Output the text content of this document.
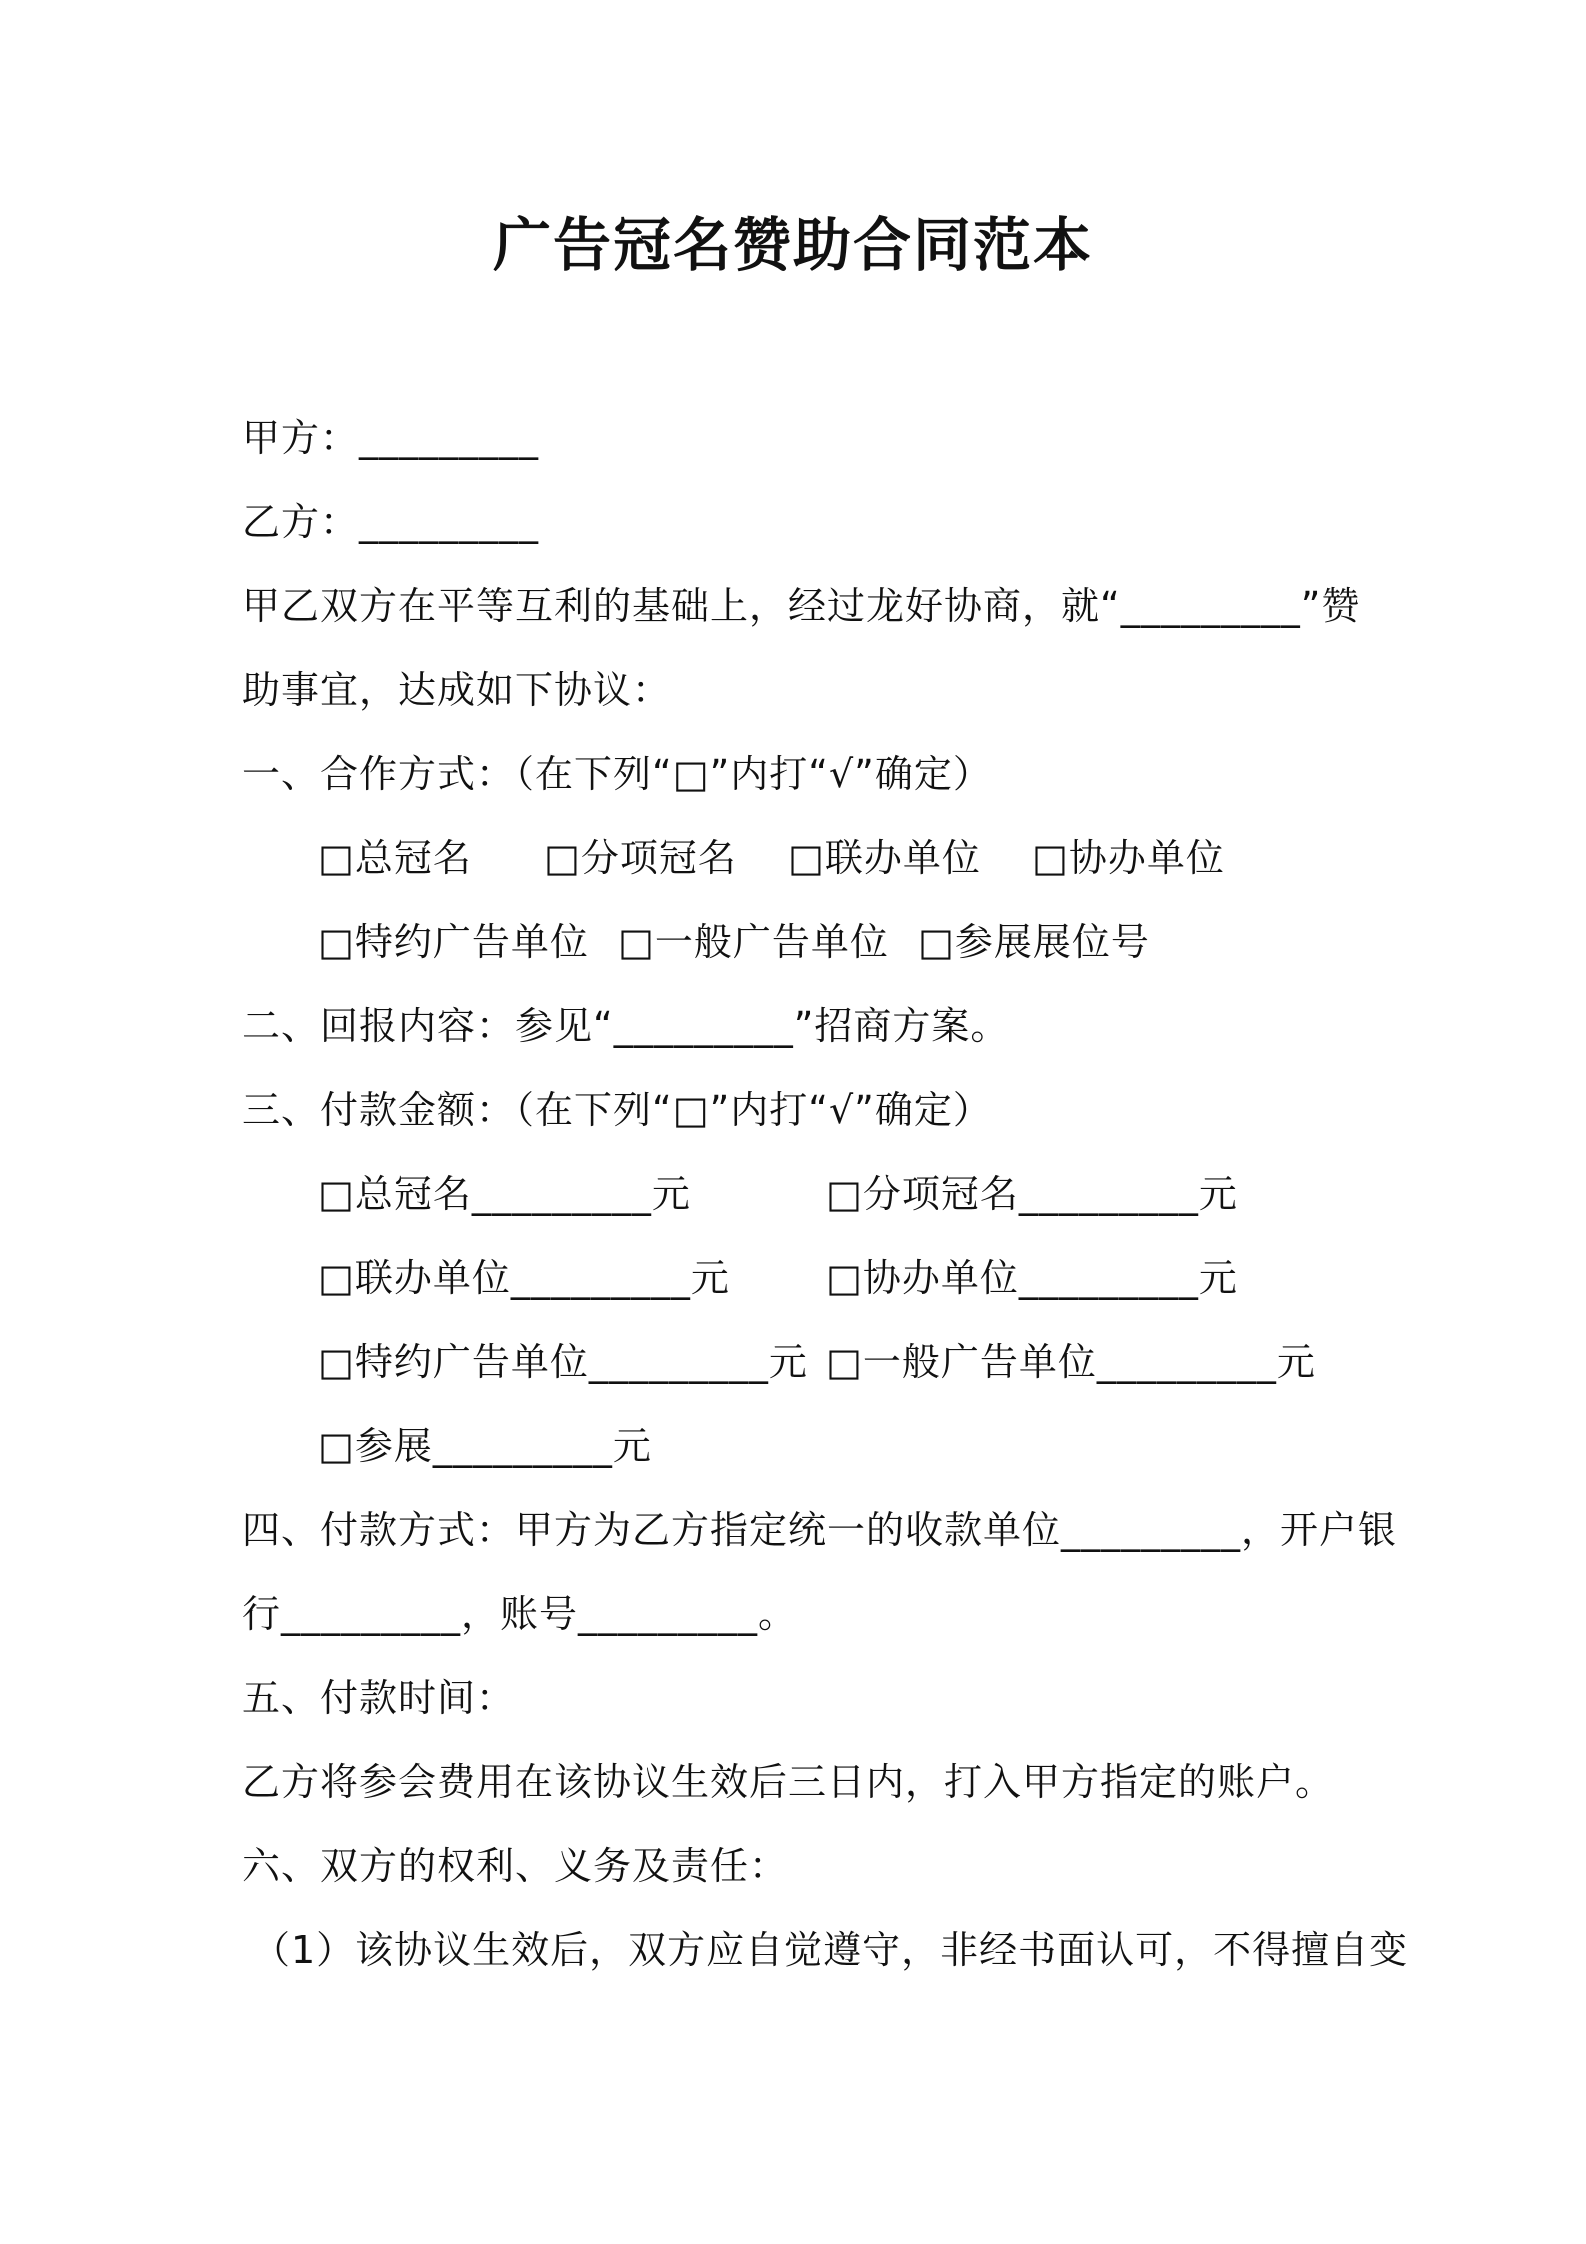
广告冠名赞助合同范本
甲方：_________
乙方：_________
甲乙双方在平等互利的基础上，经过龙好协商，就“_________”赞
助事宜，达成如下协议：
一、合作方式：（在下列“□”内打“√”确定）
□总冠名 □分项冠名 □联办单位 □协办单位
□特约广告单位 □一般广告单位 □参展展位号
二、回报内容：参见“_________”招商方案。
三、付款金额：（在下列“□”内打“√”确定）
□总冠名_________元	□分项冠名_________元
□联办单位_________元	□协办单位_________元
□特约广告单位_________元 □一般广告单位_________元
□参展_________元
四、付款方式：甲方为乙方指定统一的收款单位_________，开户银
行_________，账号_________。
五、付款时间：
乙方将参会费用在该协议生效后三日内，打入甲方指定的账户。
六、双方的权利、义务及责任：
（1）该协议生效后，双方应自觉遵守，非经书面认可，不得擅自变
